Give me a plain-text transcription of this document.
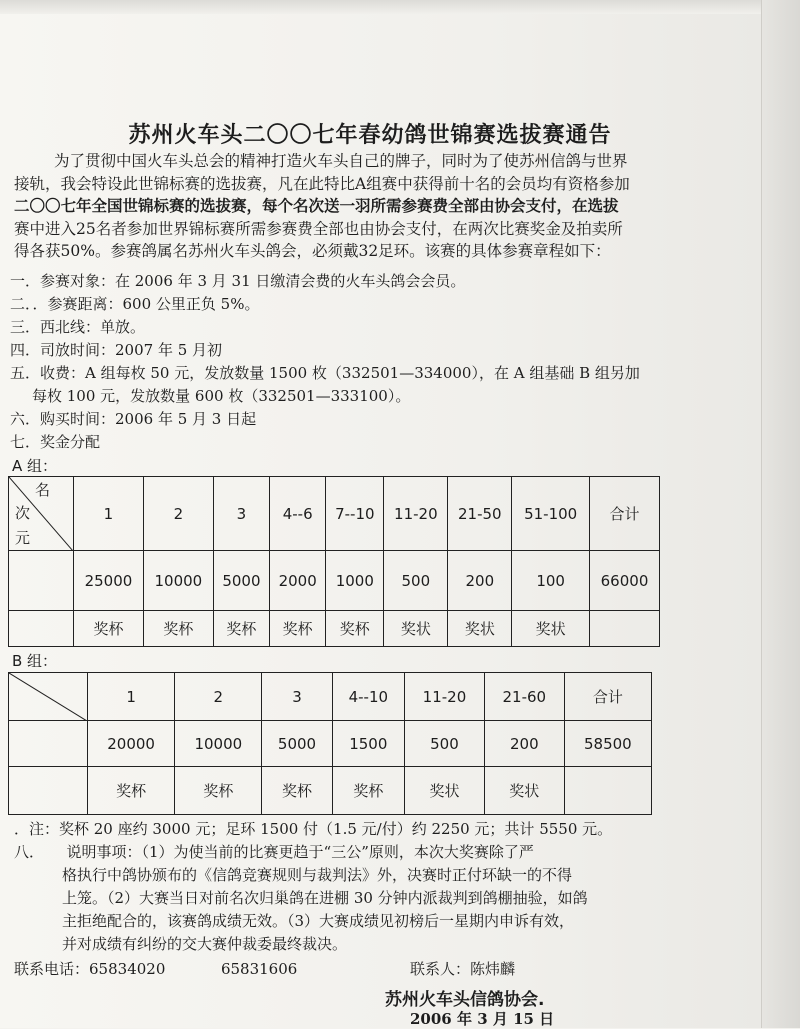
苏州火车头二〇〇七年春幼鸽世锦赛选拔赛通告

为了贯彻中国火车头总会的精神打造火车头自己的牌子，同时为了使苏州信鸽与世界

接轨，我会特设此世锦标赛的选拔赛，凡在此特比A组赛中获得前十名的会员均有资格参加

二〇〇七年全国世锦标赛的选拔赛，每个名次送一羽所需参赛费全部由协会支付，在选拔

赛中进入25名者参加世界锦标赛所需参赛费全部也由协会支付，在两次比赛奖金及拍卖所

得各获50%。参赛鸽属名苏州火车头鸽会，必须戴32足环。该赛的具体参赛章程如下：

一．参赛对象：在 2006 年 3 月 31 日缴清会费的火车头鸽会会员。
二．．参赛距离：600 公里正负 5%。
三．西北线：单放。
四．司放时间：2007 年 5 月初
五．收费：A 组每枚 50 元，发放数量 1500 枚（332501—334000），在 A 组基础 B 组另加
每枚 100 元，发放数量 600 枚（332501—333100）。
六．购买时间：2006 年 5 月 3 日起
七．奖金分配
A 组：
名
次
元	1	2	3	4--6	7--10	11-20	21-50	51-100	合计
	25000	10000	5000	2000	1000	500	200	100	66000
	奖杯	奖杯	奖杯	奖杯	奖杯	奖状	奖状	奖状	
B 组：
	1	2	3	4--10	11-20	21-60	合计
	20000	10000	5000	1500	500	200	58500
	奖杯	奖杯	奖杯	奖杯	奖状	奖状	
．注：奖杯 20 座约 3000 元；足环 1500 付（1.5 元/付）约 2250 元；共计 5550 元。
八．　　说明事项：（1）为使当前的比赛更趋于“三公”原则，本次大奖赛除了严
格执行中鸽协颁布的《信鸽竞赛规则与裁判法》外，决赛时正付环缺一的不得
上笼。（2）大赛当日对前名次归巢鸽在进棚 30 分钟内派裁判到鸽棚抽验，如鸽
主拒绝配合的，该赛鸽成绩无效。（3）大赛成绩见初榜后一星期内申诉有效，
并对成绩有纠纷的交大赛仲裁委最终裁决。
联系电话：65834020	65831606	联系人：陈炜麟
苏州火车头信鸽协会.
2006 年 3 月 15 日
